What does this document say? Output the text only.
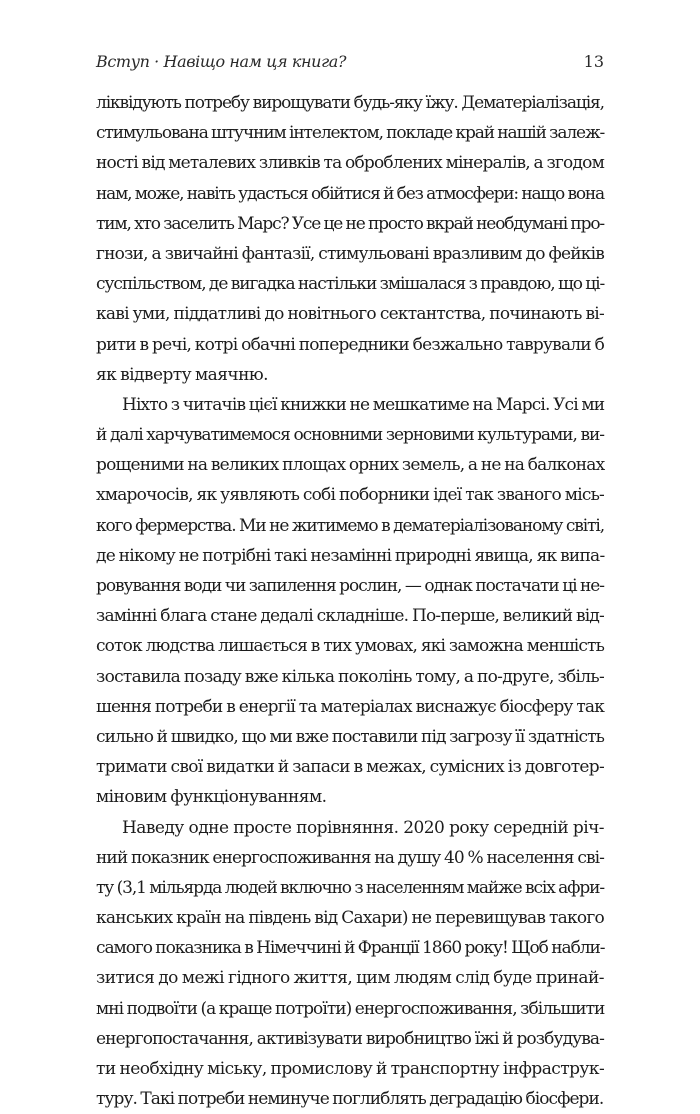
Вступ · Навіщо нам ця книга?	13
ліквідують потребу вирощувати будь-яку їжу. Дематеріалізація,
стимульована штучним інтелектом, покладе край нашій залеж-
ності від металевих зливків та оброблених мінералів, а згодом
нам, може, навіть удасться обійтися й без атмосфери: нащо вона
тим, хто заселить Марс? Усе це не просто вкрай необдумані про-
гнози, а звичайні фантазії, стимульовані вразливим до фейків
суспільством, де вигадка настільки змішалася з правдою, що ці-
каві уми, піддатливі до новітнього сектантства, починають ві-
рити в речі, котрі обачні попередники безжально таврували б
як відверту маячню.
Ніхто з читачів цієї книжки не мешкатиме на Марсі. Усі ми
й далі харчуватимемося основними зерновими культурами, ви-
рощеними на великих площах орних земель, а не на балконах
хмарочосів, як уявляють собі поборники ідеї так званого місь-
кого фермерства. Ми не житимемо в дематеріалізованому світі,
де нікому не потрібні такі незамінні природні явища, як випа-
ровування води чи запилення рослин, — однак постачати ці не-
замінні блага стане дедалі складніше. По-перше, великий від-
соток людства лишається в тих умовах, які заможна меншість
зоставила позаду вже кілька поколінь тому, а по-друге, збіль-
шення потреби в енергії та матеріалах виснажує біосферу так
сильно й швидко, що ми вже поставили під загрозу її здатність
тримати свої видатки й запаси в межах, сумісних із довготер-
міновим функціонуванням.
Наведу одне просте порівняння. 2020 року середній річ-
ний показник енергоспоживання на душу 40 % населення сві-
ту (3,1 мільярда людей включно з населенням майже всіх афри-
канських країн на південь від Сахари) не перевищував такого
самого показника в Німеччині й Франції 1860 року! Щоб набли-
зитися до межі гідного життя, цим людям слід буде принай-
мні подвоїти (а краще потроїти) енергоспоживання, збільшити
енергопостачання, активізувати виробництво їжі й розбудува-
ти необхідну міську, промислову й транспортну інфраструк-
туру. Такі потреби неминуче поглиблять деградацію біосфери.
